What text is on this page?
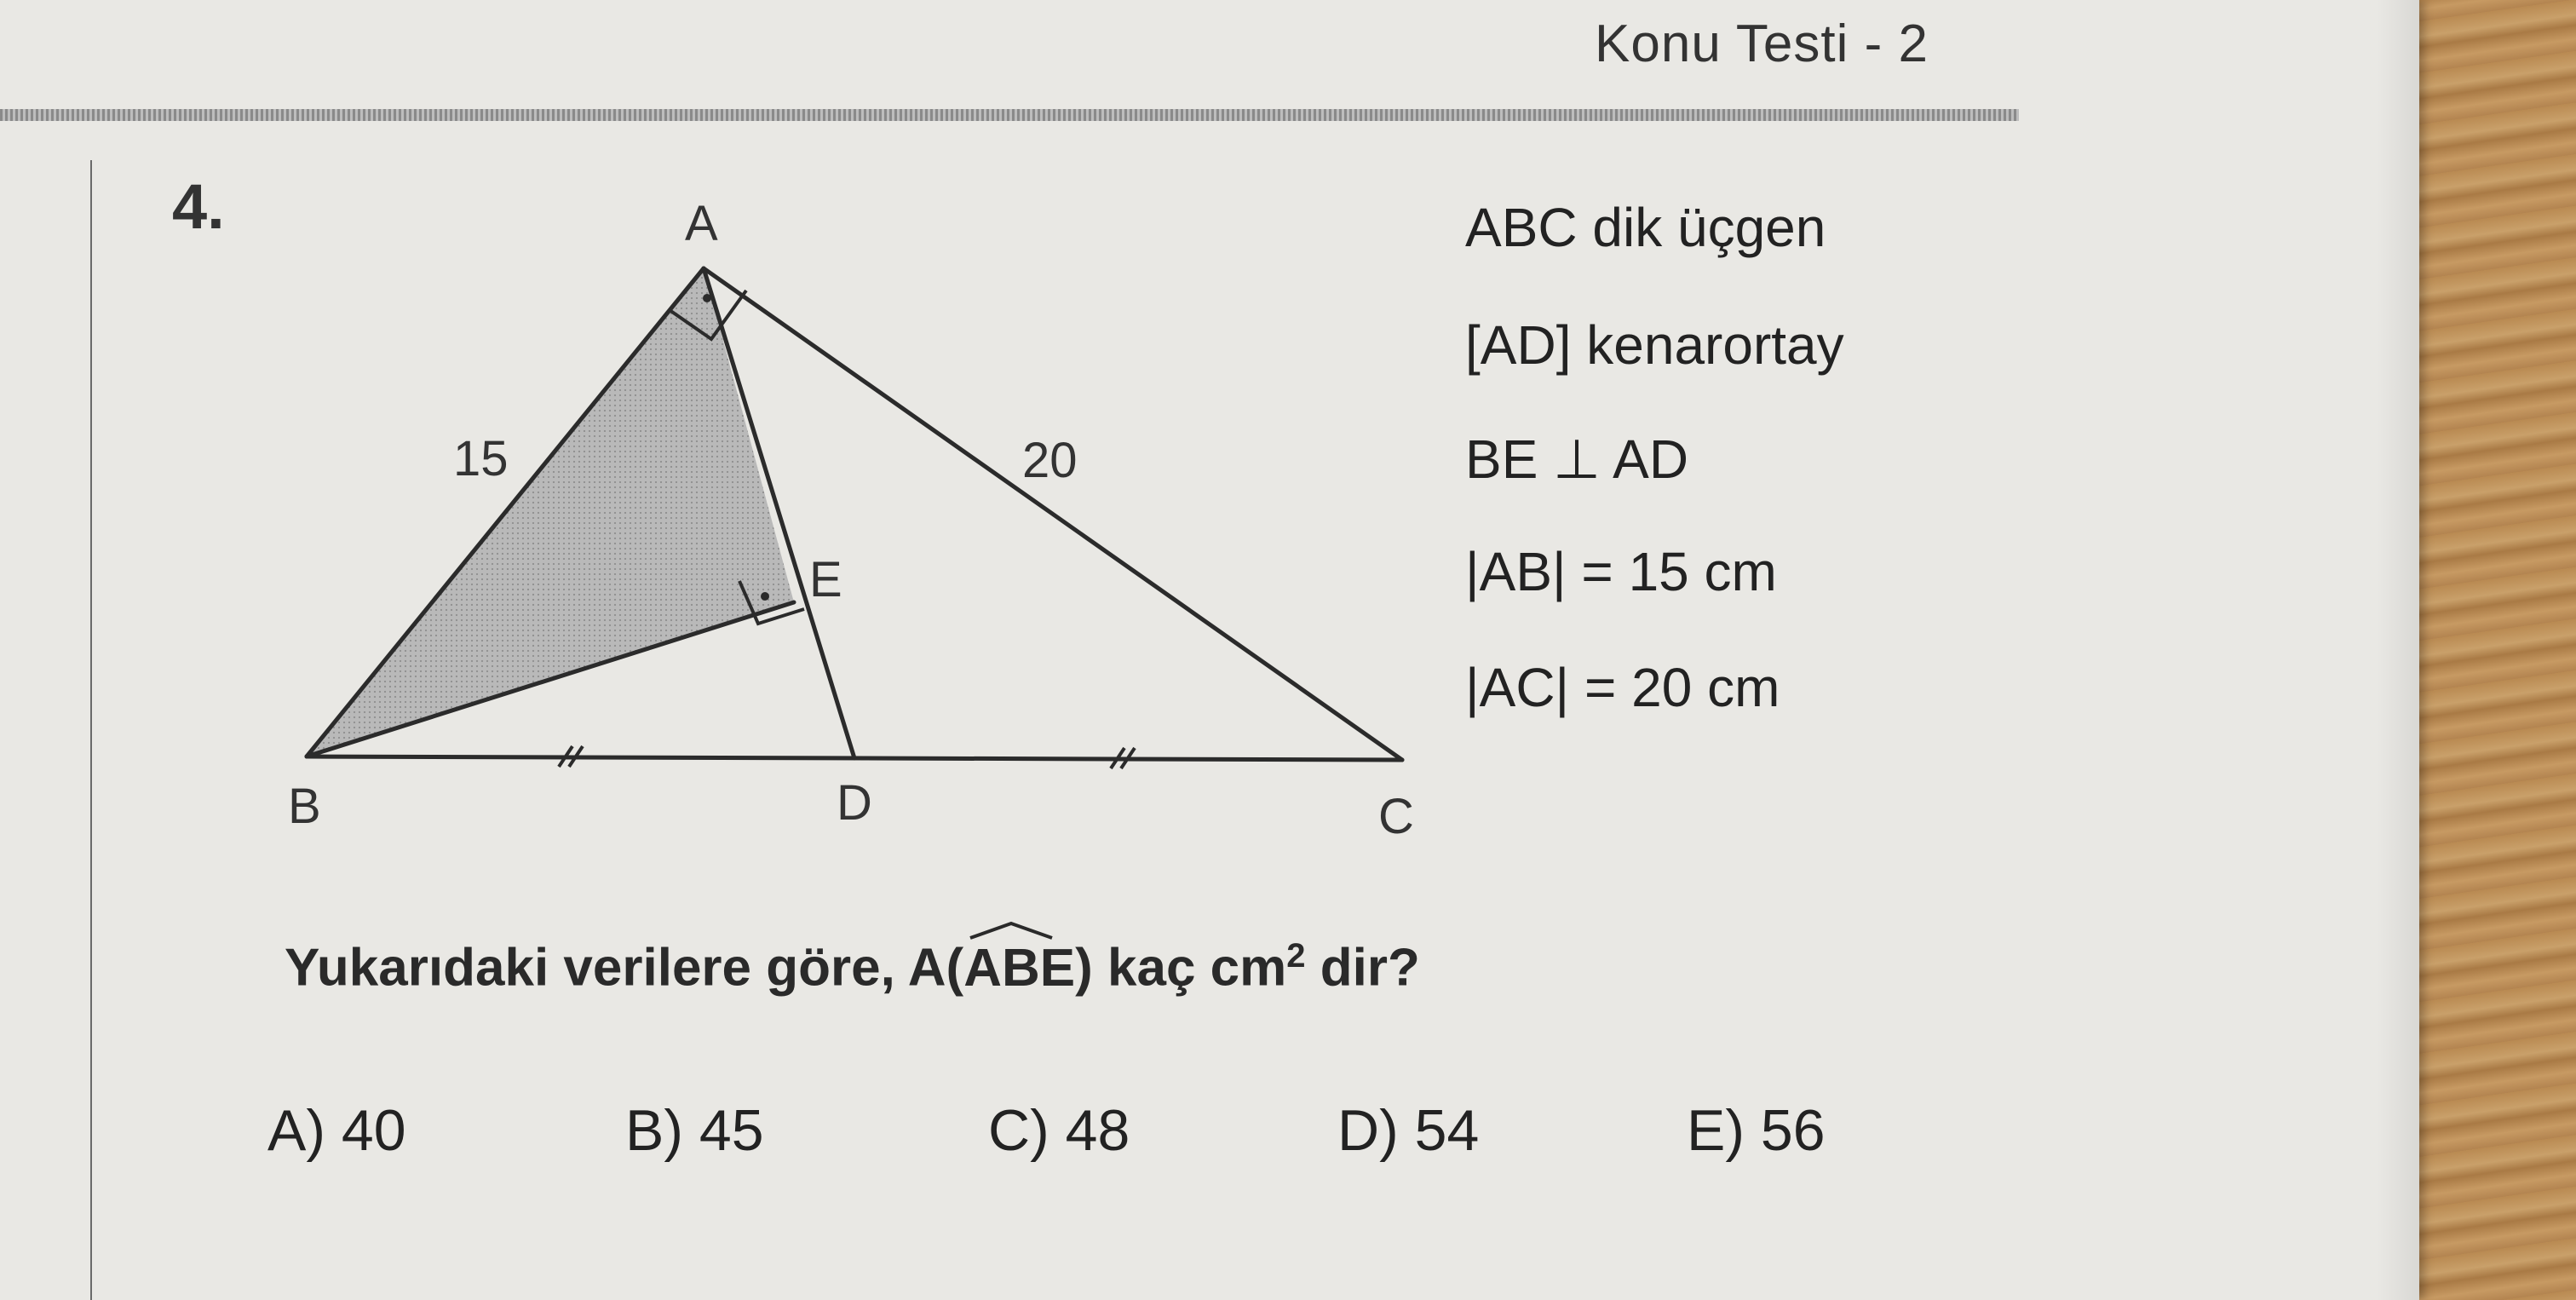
Konu Testi - 2
4.	A
B	C
D
E
15	20
ABC dik üçgen
[AD] kenarortay
BE ⊥ AD
|AB| = 15 cm
|AC| = 20 cm
Yukarıdaki verilere göre, A(
ABE) kaç $cm^2$ dir?
A) 40	B) 45	C) 48	D) 54	E) 56
